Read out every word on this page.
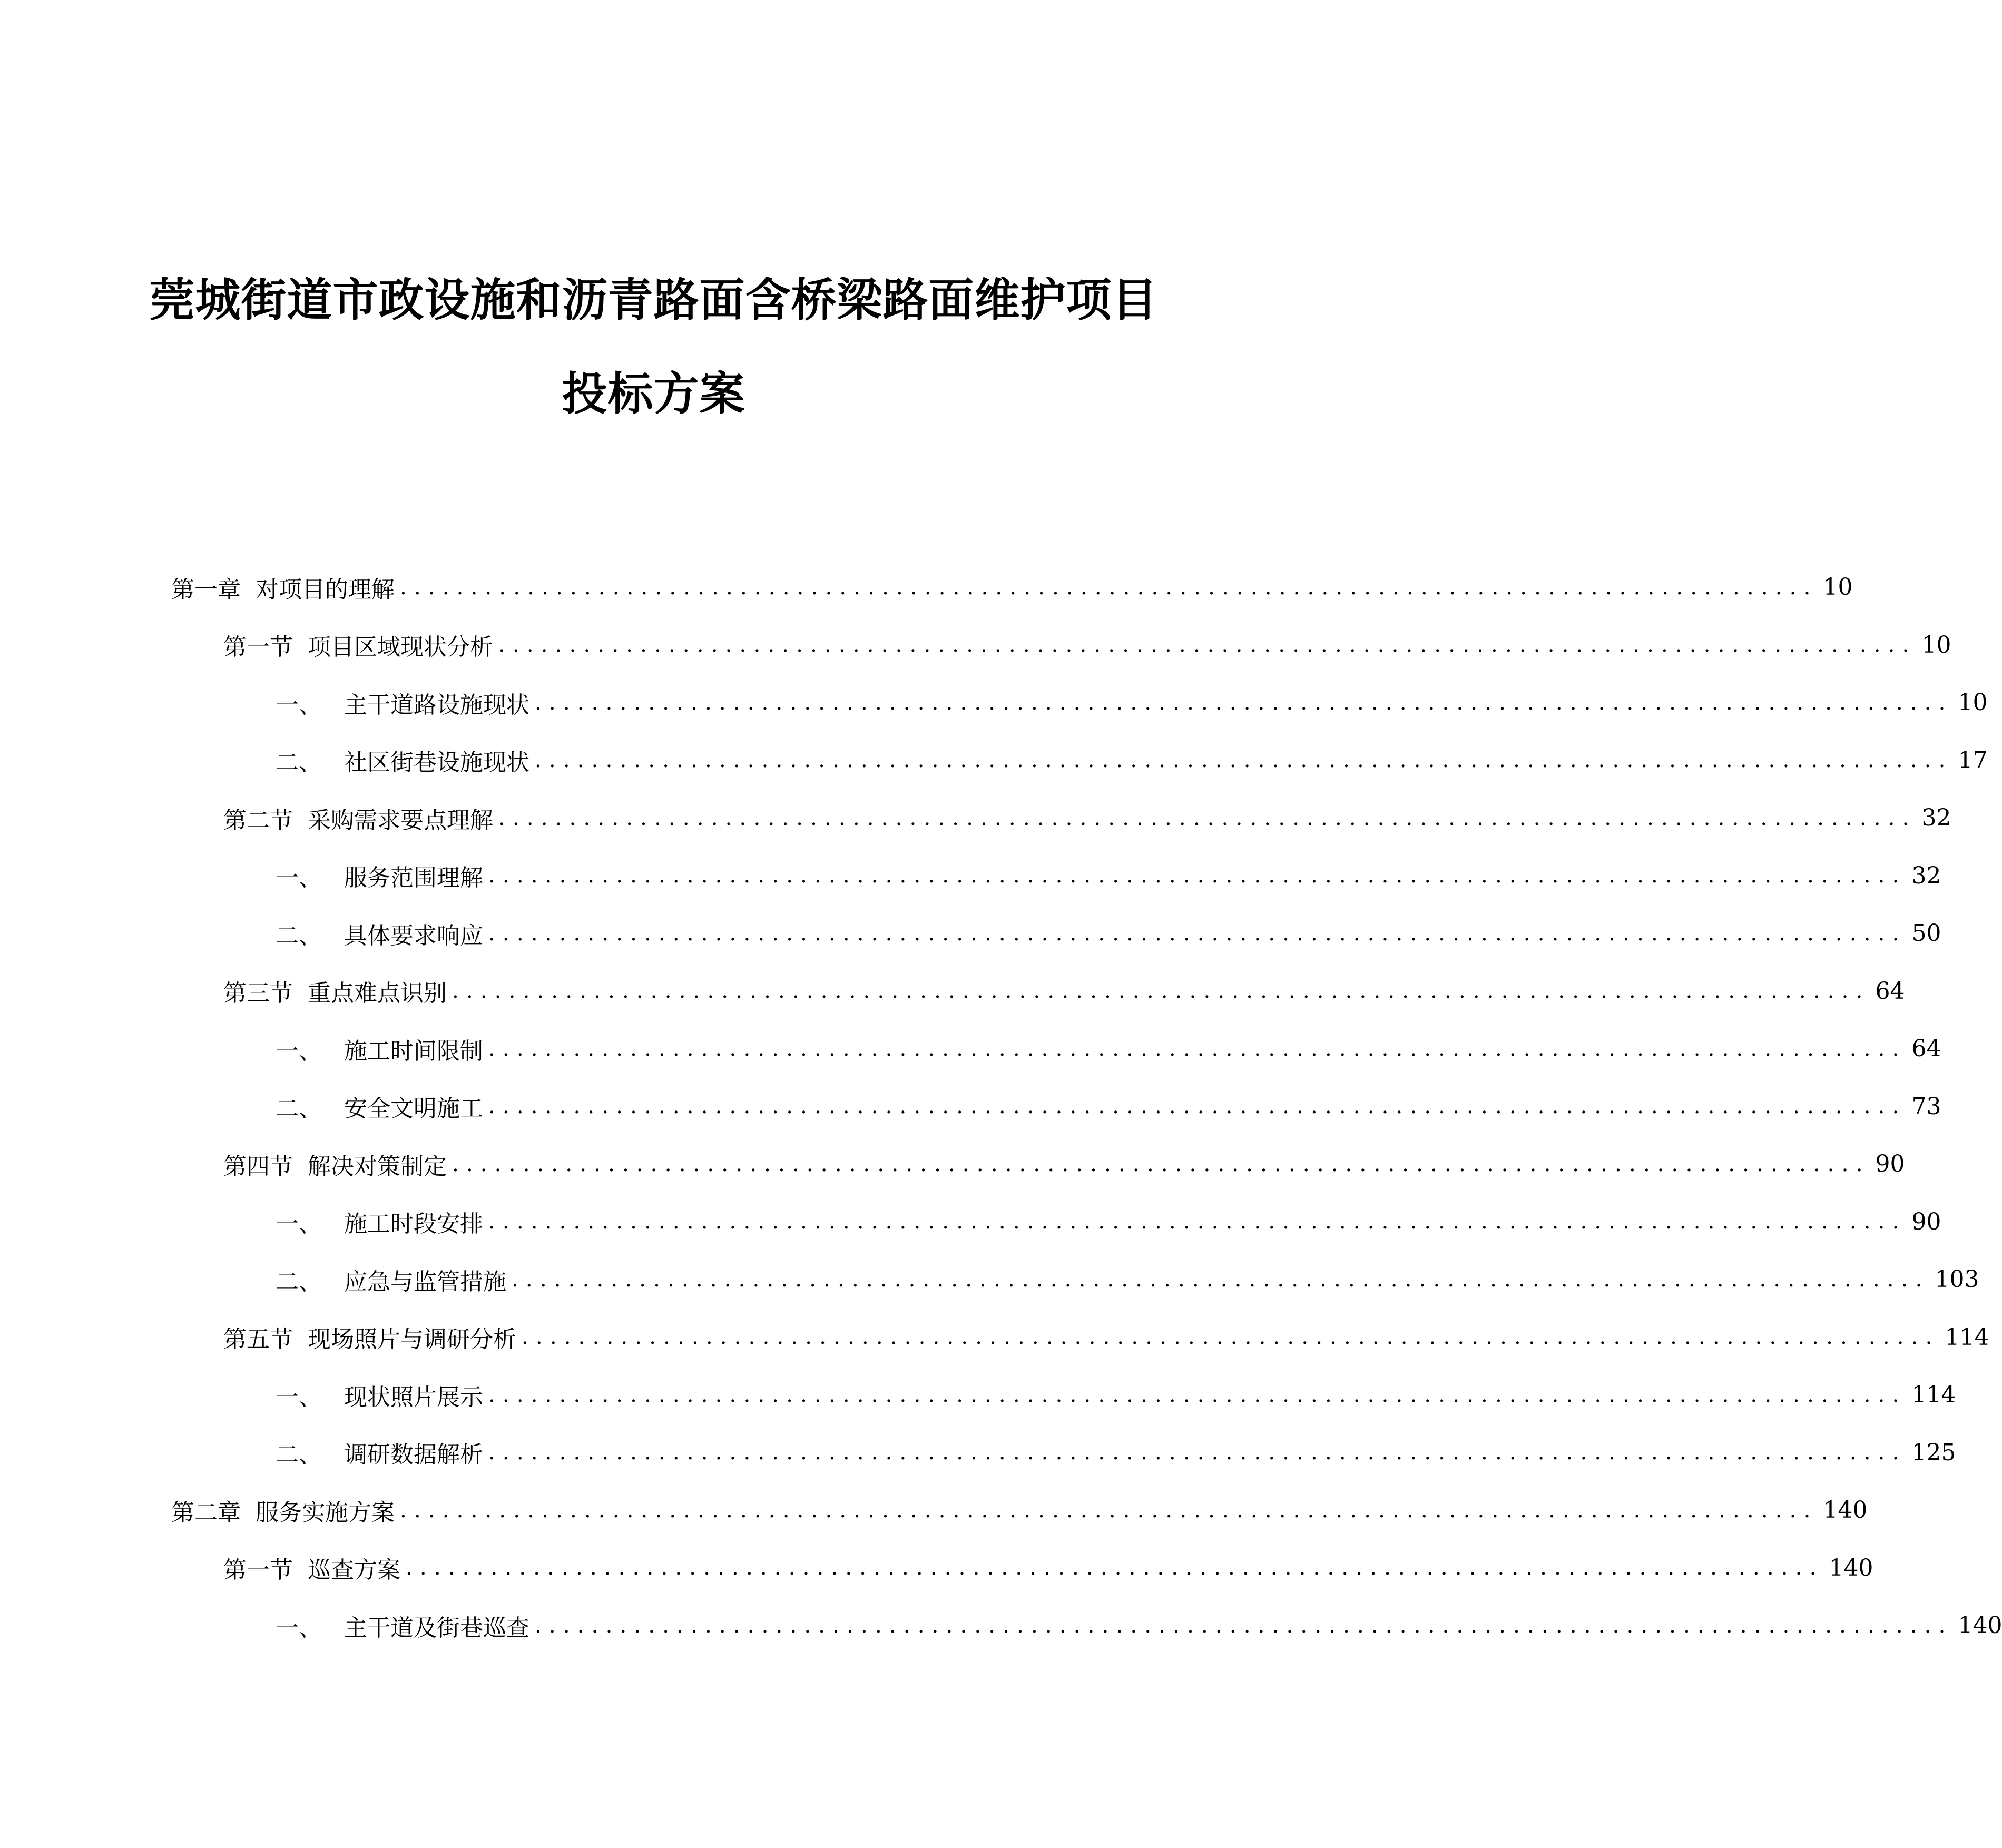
莞城街道市政设施和沥青路面含桥梁路面维护项目
投标方案
第一章 对项目的理解 .................................................................................................... 10
第一节 项目区域现状分析 .................................................................................................... 10
一、 主干道路设施现状 .................................................................................................... 10
二、 社区街巷设施现状 .................................................................................................... 17
第二节 采购需求要点理解 .................................................................................................... 32
一、 服务范围理解 .................................................................................................... 32
二、 具体要求响应 .................................................................................................... 50
第三节 重点难点识别 .................................................................................................... 64
一、 施工时间限制 .................................................................................................... 64
二、 安全文明施工 .................................................................................................... 73
第四节 解决对策制定 .................................................................................................... 90
一、 施工时段安排 .................................................................................................... 90
二、 应急与监管措施 .................................................................................................... 103
第五节 现场照片与调研分析 .................................................................................................... 114
一、 现状照片展示 .................................................................................................... 114
二、 调研数据解析 .................................................................................................... 125
第二章 服务实施方案 .................................................................................................... 140
第一节 巡查方案 .................................................................................................... 140
一、 主干道及街巷巡查 .................................................................................................... 140
